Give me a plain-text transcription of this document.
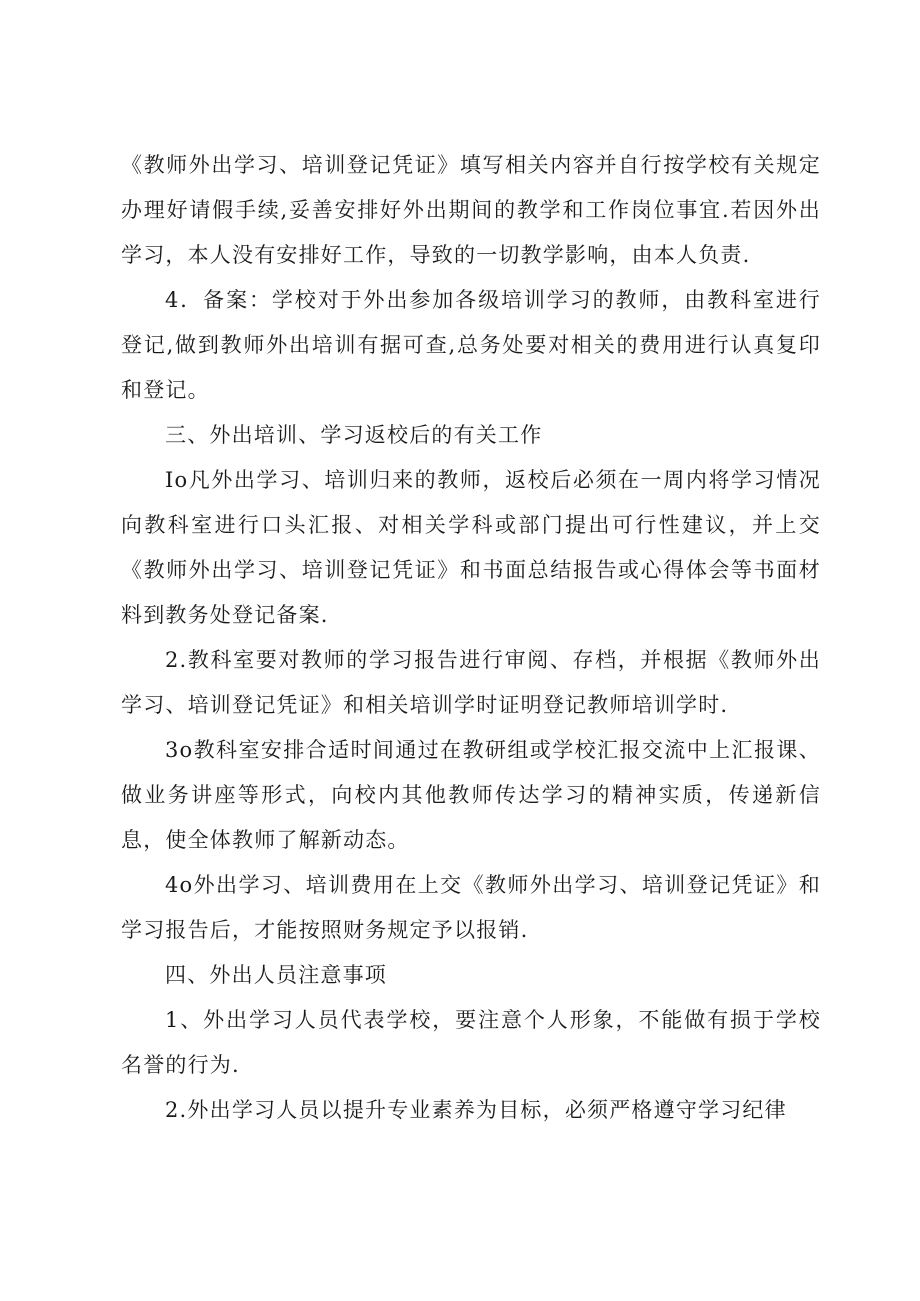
《教师外出学习、培训登记凭证》填写相关内容并自行按学校有关规定办理好请假手续,妥善安排好外出期间的教学和工作岗位事宜.若因外出学习，本人没有安排好工作，导致的一切教学影响，由本人负责.

4．备案：学校对于外出参加各级培训学习的教师，由教科室进行登记,做到教师外出培训有据可查,总务处要对相关的费用进行认真复印和登记。

三、外出培训、学习返校后的有关工作

Io凡外出学习、培训归来的教师，返校后必须在一周内将学习情况向教科室进行口头汇报、对相关学科或部门提出可行性建议，并上交《教师外出学习、培训登记凭证》和书面总结报告或心得体会等书面材料到教务处登记备案.

2.教科室要对教师的学习报告进行审阅、存档，并根据《教师外出学习、培训登记凭证》和相关培训学时证明登记教师培训学时.

3o教科室安排合适时间通过在教研组或学校汇报交流中上汇报课、做业务讲座等形式，向校内其他教师传达学习的精神实质，传递新信息，使全体教师了解新动态。

4o外出学习、培训费用在上交《教师外出学习、培训登记凭证》和学习报告后，才能按照财务规定予以报销.

四、外出人员注意事项

1、外出学习人员代表学校，要注意个人形象，不能做有损于学校名誉的行为.

2.外出学习人员以提升专业素养为目标，必须严格遵守学习纪律
